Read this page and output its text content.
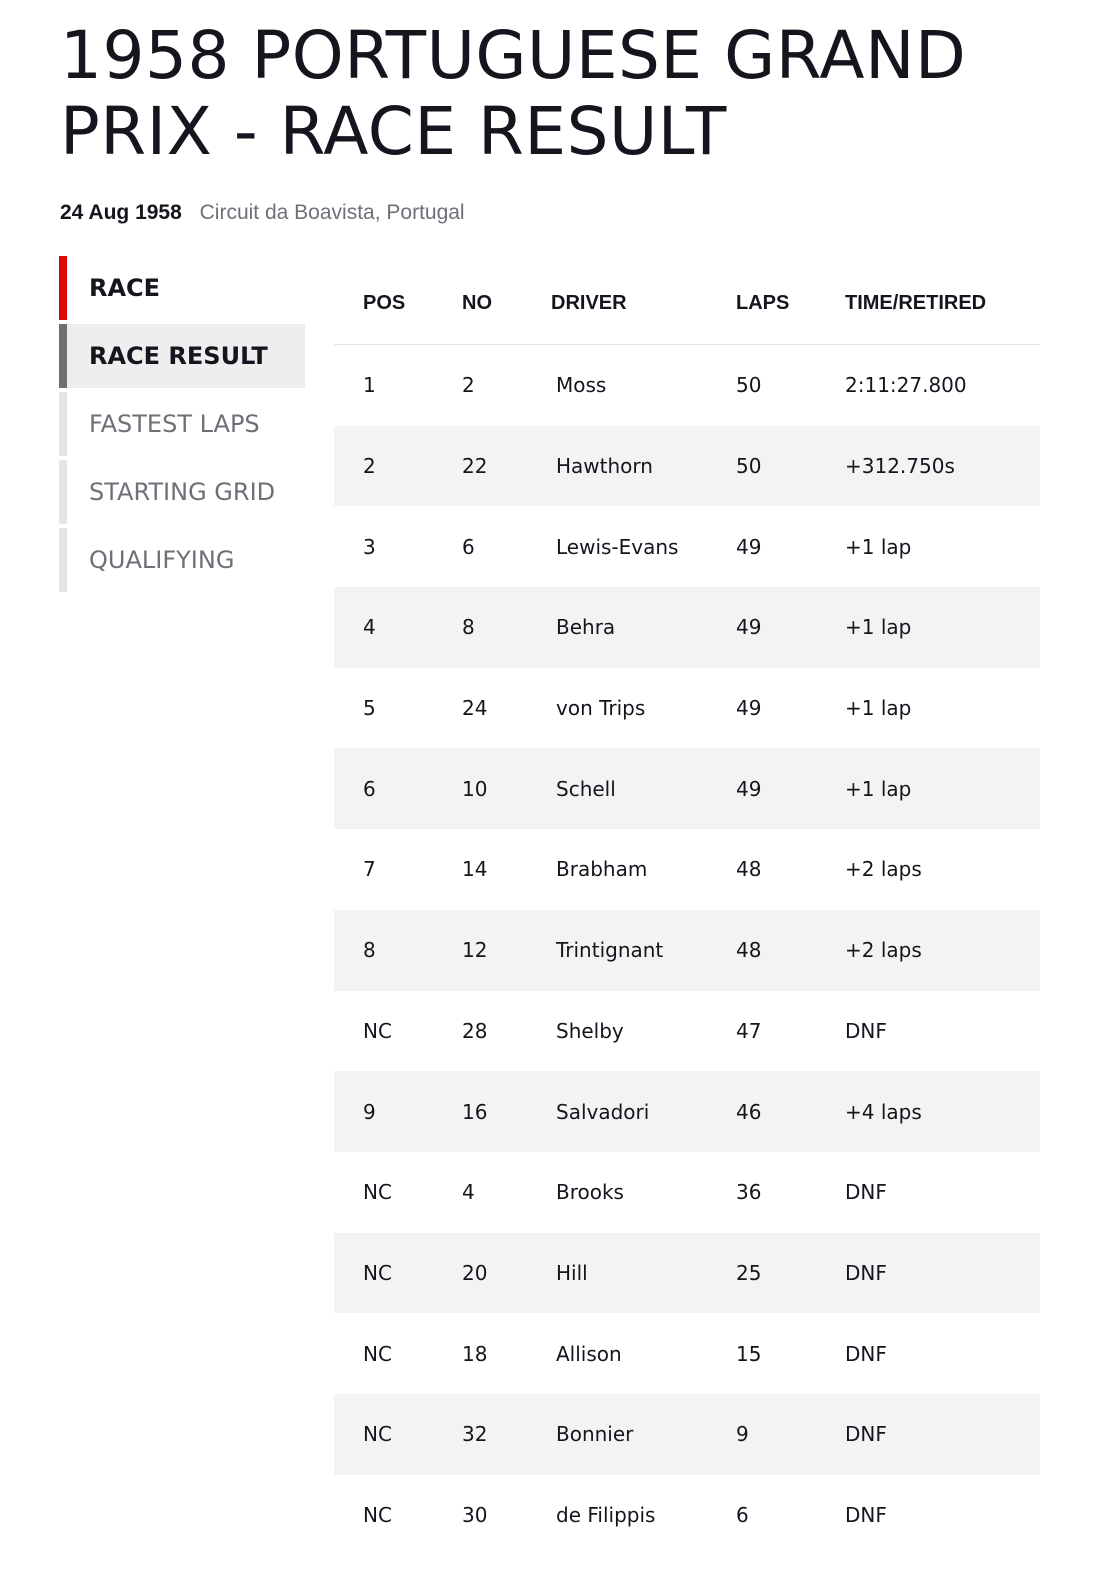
1958 PORTUGUESE GRAND PRIX - RACE RESULT
24 Aug 1958 Circuit da Boavista, Portugal
RACE
RACE RESULT
FASTEST LAPS
STARTING GRID
QUALIFYING
POS	NO	DRIVER	LAPS	TIME/RETIRED
1	2	Moss	50	2:11:27.800
2	22	Hawthorn	50	+312.750s
3	6	Lewis-Evans	49	+1 lap
4	8	Behra	49	+1 lap
5	24	von Trips	49	+1 lap
6	10	Schell	49	+1 lap
7	14	Brabham	48	+2 laps
8	12	Trintignant	48	+2 laps
NC	28	Shelby	47	DNF
9	16	Salvadori	46	+4 laps
NC	4	Brooks	36	DNF
NC	20	Hill	25	DNF
NC	18	Allison	15	DNF
NC	32	Bonnier	9	DNF
NC	30	de Filippis	6	DNF
